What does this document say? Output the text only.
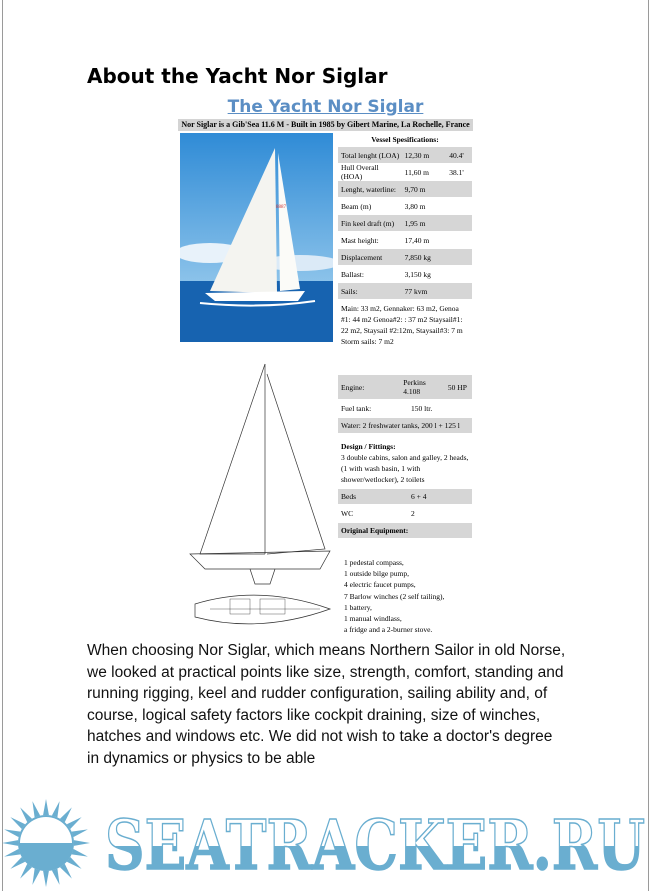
About the Yacht Nor Siglar
The Yacht Nor Siglar
Nor Siglar is a Gib'Sea 11.6 M - Built in 1985 by Gibert Marine, La Rochelle, France
8887
Vessel Spesifications:
Total lenght (LOA) 12,30 m	40.4'
Hull Overall (HOA)	11,60 m	38.1'
Lenght, waterline:	9,70 m
Beam (m)	3,80 m
Fin keel draft (m)	1,95 m
Mast height:	17,40 m
Displacement	7,850 kg
Ballast:	3,150 kg
Sails:	77 kvm
Main: 33 m2, Gennaker: 63 m2, Genoa #1: 44 m2 Genoa#2: : 37 m2 Staysail#1: 22 m2, Staysail #2:12m, Staysail#3: 7 m Storm sails: 7 m2
Engine:	Perkins 4.108	50 HP
Fuel tank:	150 ltr.
Water: 2 freshwater tanks, 200 l + 125 l
Design / Fittings:
3 double cabins, salon and galley, 2 heads, (1 with wash basin, 1 with shower/wetlocker), 2 toilets
Beds	6 + 4
WC	2
Original Equipment:
1 pedestal compass,
1 outside bilge pump,
4 electric faucet pumps,
7 Barlow winches (2 self tailing),
1 battery,
1 manual windlass,
a fridge and a 2-burner stove.
When choosing Nor Siglar, which means Northern Sailor in old Norse, we looked at practical points like size, strength, comfort, standing and running rigging, keel and rudder configuration, sailing ability and, of course, logical safety factors like cockpit draining, size of winches, hatches and windows etc. We did not wish to take a doctor's degree in dynamics or physics to be able
SEATRACKER.RU
